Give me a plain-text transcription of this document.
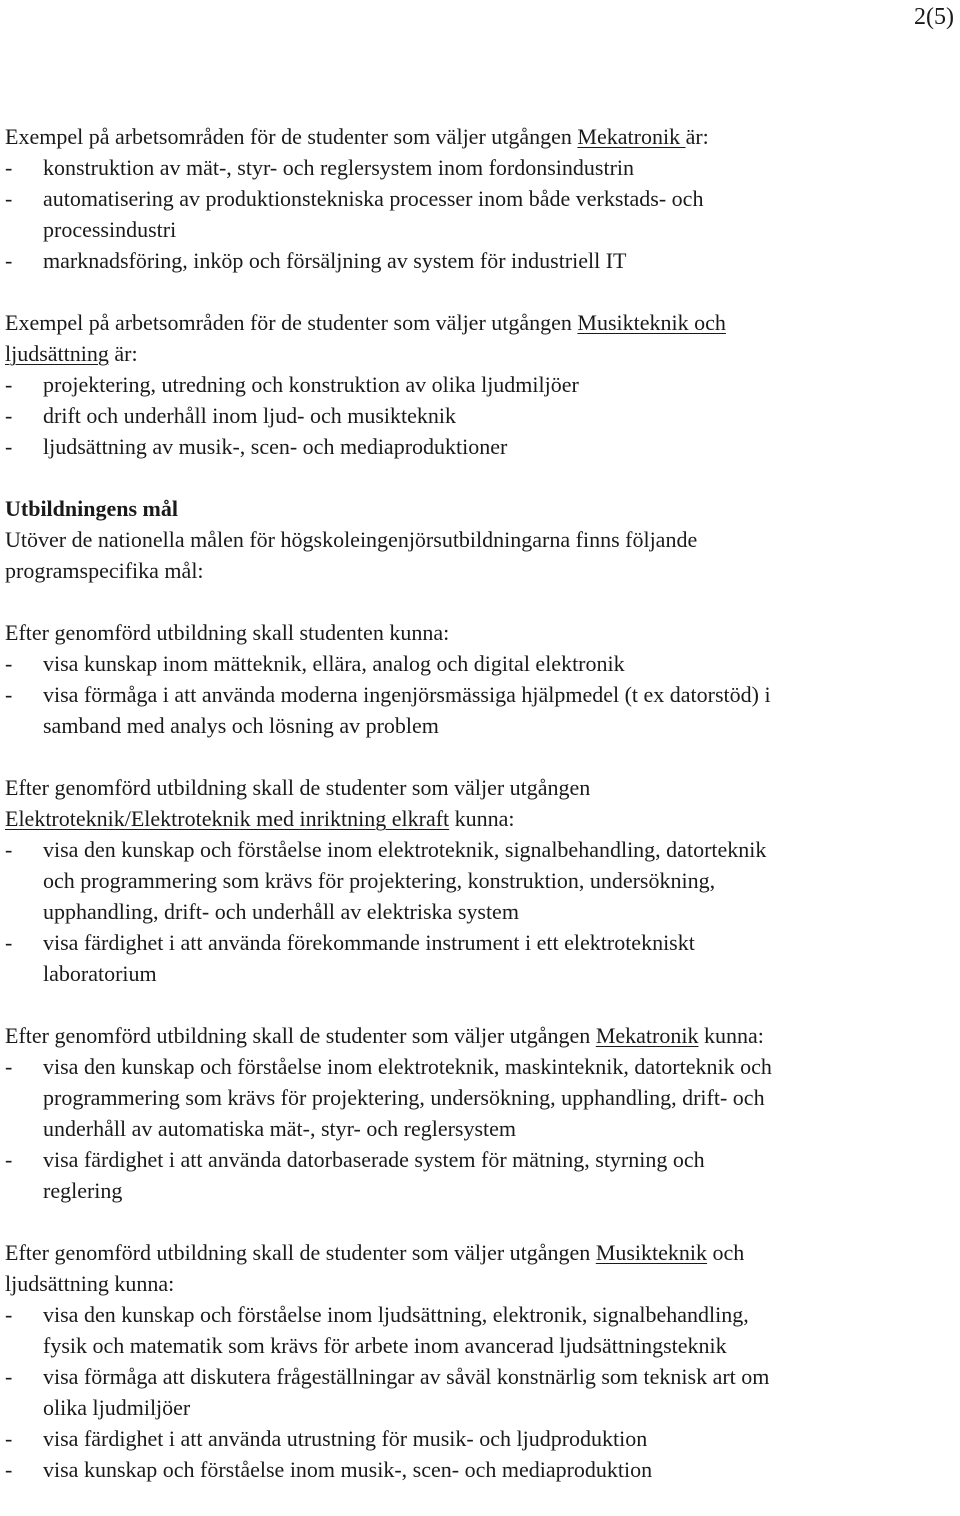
2(5)
Exempel på arbetsområden för de studenter som väljer utgången Mekatronik är:
- konstruktion av mät-, styr- och reglersystem inom fordonsindustrin
- automatisering av produktionstekniska processer inom både verkstads- och
processindustri
- marknadsföring, inköp och försäljning av system för industriell IT
Exempel på arbetsområden för de studenter som väljer utgången Musikteknik och
ljudsättning är:
- projektering, utredning och konstruktion av olika ljudmiljöer
- drift och underhåll inom ljud- och musikteknik
- ljudsättning av musik-, scen- och mediaproduktioner
Utbildningens mål
Utöver de nationella målen för högskoleingenjörsutbildningarna finns följande
programspecifika mål:
Efter genomförd utbildning skall studenten kunna:
- visa kunskap inom mätteknik, ellära, analog och digital elektronik
- visa förmåga i att använda moderna ingenjörsmässiga hjälpmedel (t ex datorstöd) i
samband med analys och lösning av problem
Efter genomförd utbildning skall de studenter som väljer utgången
Elektroteknik/Elektroteknik med inriktning elkraft kunna:
- visa den kunskap och förståelse inom elektroteknik, signalbehandling, datorteknik
och programmering som krävs för projektering, konstruktion, undersökning,
upphandling, drift- och underhåll av elektriska system
- visa färdighet i att använda förekommande instrument i ett elektrotekniskt
laboratorium
Efter genomförd utbildning skall de studenter som väljer utgången Mekatronik kunna:
- visa den kunskap och förståelse inom elektroteknik, maskinteknik, datorteknik och
programmering som krävs för projektering, undersökning, upphandling, drift- och
underhåll av automatiska mät-, styr- och reglersystem
- visa färdighet i att använda datorbaserade system för mätning, styrning och
reglering
Efter genomförd utbildning skall de studenter som väljer utgången Musikteknik och
ljudsättning kunna:
- visa den kunskap och förståelse inom ljudsättning, elektronik, signalbehandling,
fysik och matematik som krävs för arbete inom avancerad ljudsättningsteknik
- visa förmåga att diskutera frågeställningar av såväl konstnärlig som teknisk art om
olika ljudmiljöer
- visa färdighet i att använda utrustning för musik- och ljudproduktion
- visa kunskap och förståelse inom musik-, scen- och mediaproduktion
